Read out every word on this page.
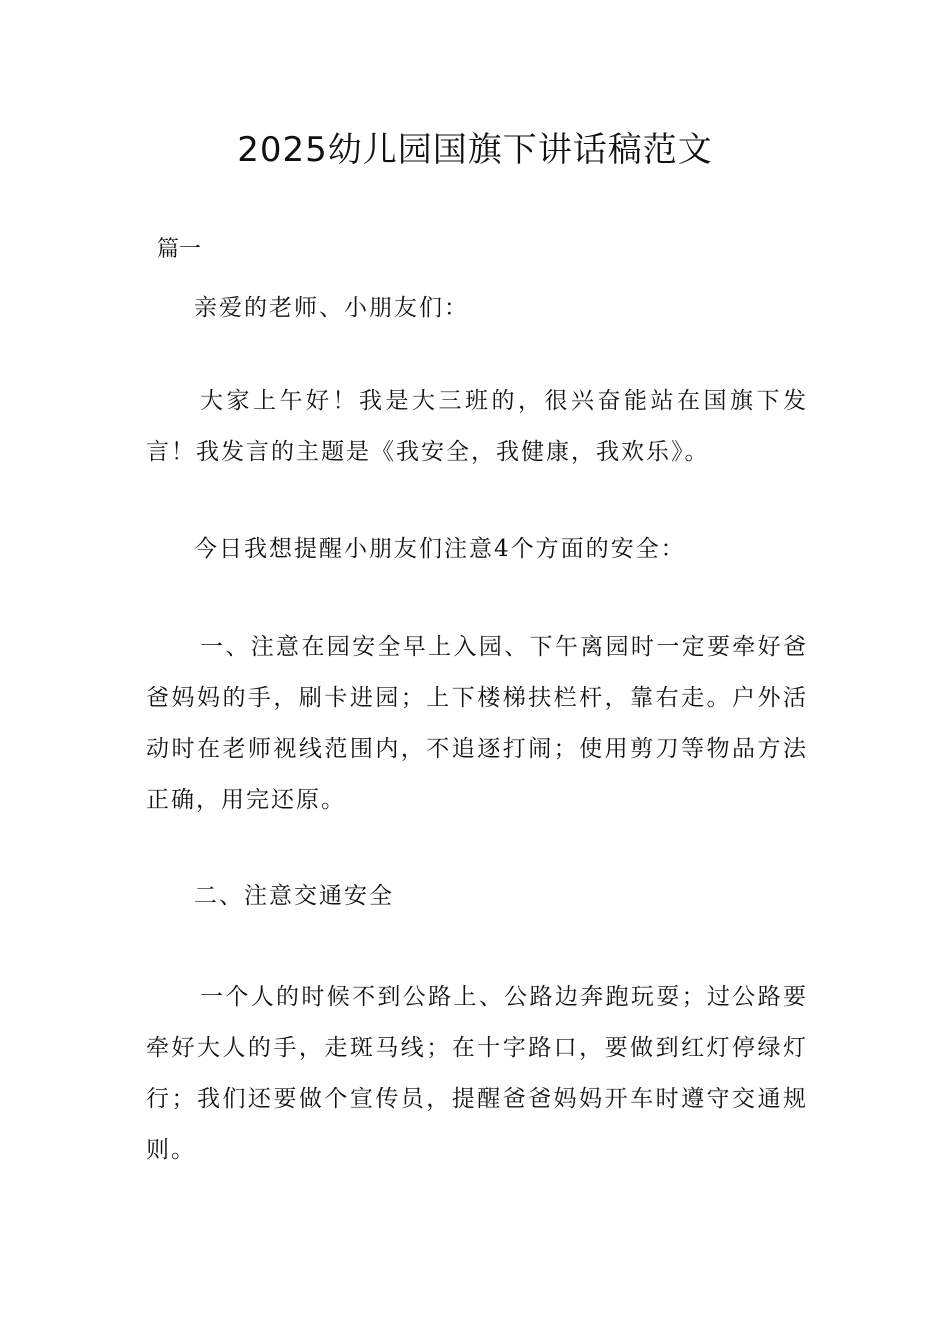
2025幼儿园国旗下讲话稿范文

篇一

亲爱的老师、小朋友们：

大家上午好！我是大三班的，很兴奋能站在国旗下发言！我发言的主题是《我安全，我健康，我欢乐》。

今日我想提醒小朋友们注意4个方面的安全：

一、注意在园安全早上入园、下午离园时一定要牵好爸爸妈妈的手，刷卡进园；上下楼梯扶栏杆，靠右走。户外活动时在老师视线范围内，不追逐打闹；使用剪刀等物品方法正确，用完还原。

二、注意交通安全

一个人的时候不到公路上、公路边奔跑玩耍；过公路要牵好大人的手，走斑马线；在十字路口，要做到红灯停绿灯行；我们还要做个宣传员，提醒爸爸妈妈开车时遵守交通规则。
